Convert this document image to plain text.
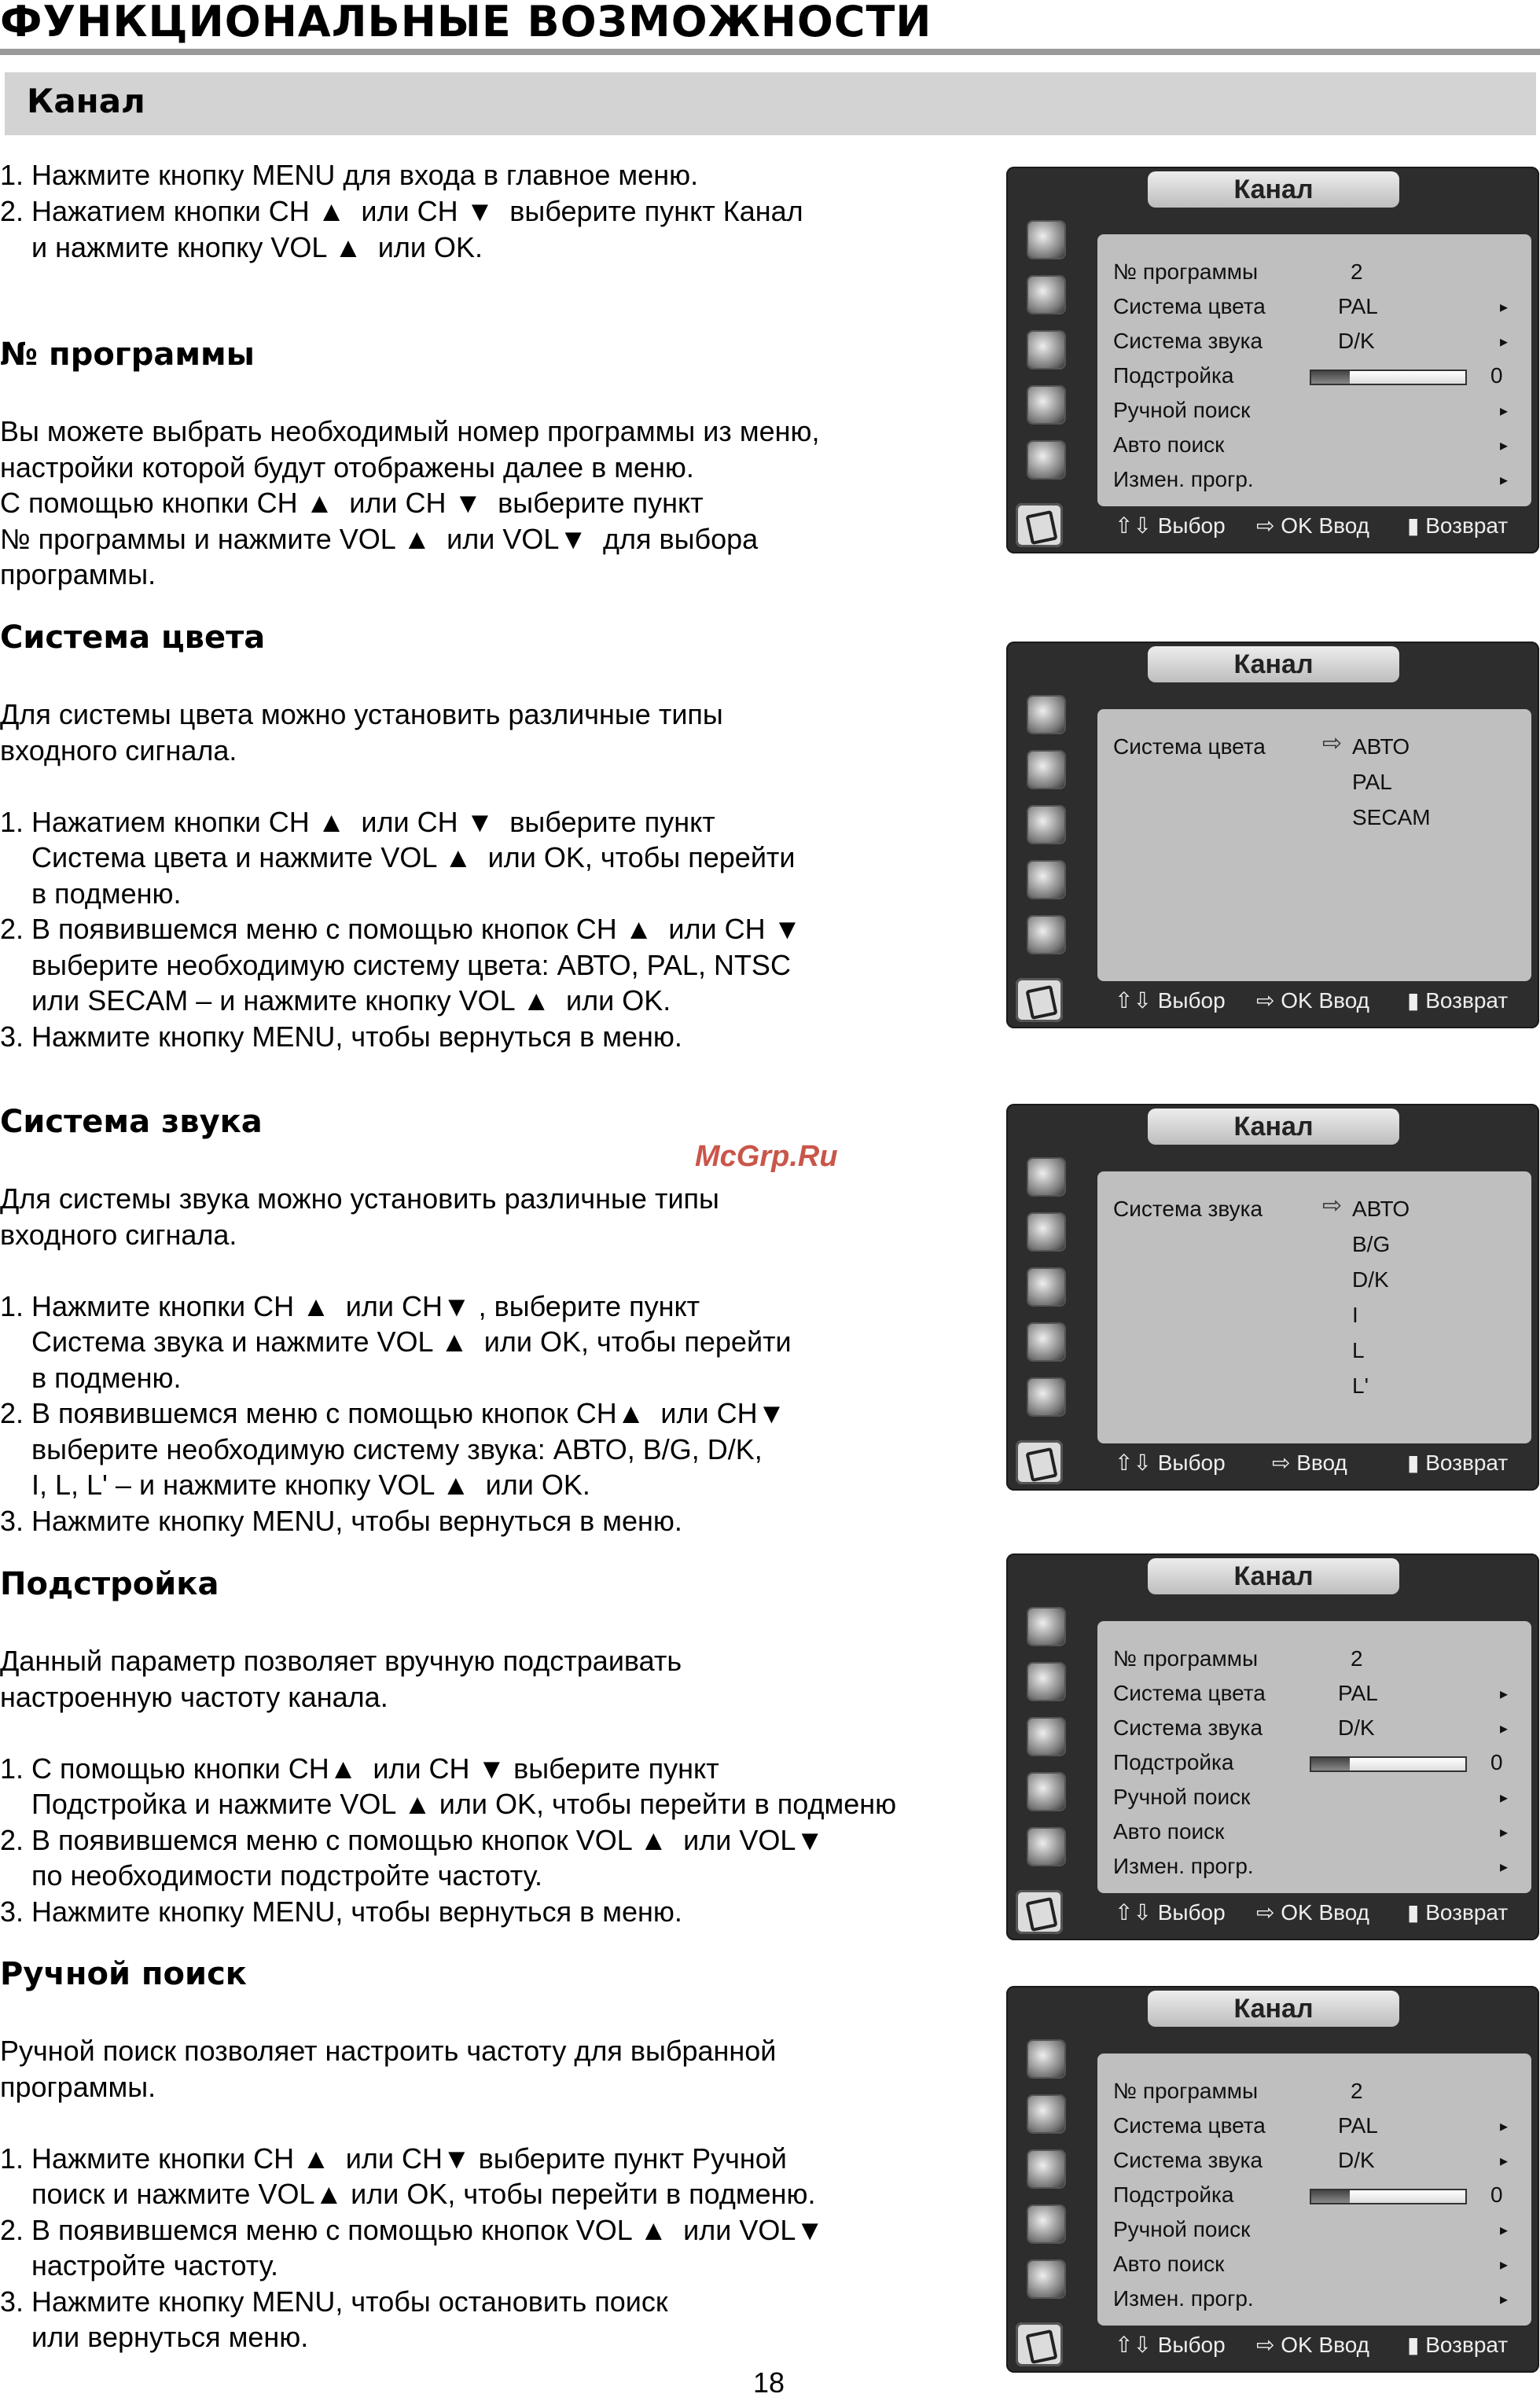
ФУНКЦИОНАЛЬНЫЕ ВОЗМОЖНОСТИ
Канал
1. Нажмите кнопку MENU для входа в главное меню.
2. Нажатием кнопки CH ▲  или CH ▼  выберите пункт Канал
и нажмите кнопку VOL ▲  или OK.
№ программы
Вы можете выбрать необходимый номер программы из меню,
настройки которой будут отображены далее в меню.
С помощью кнопки CH ▲  или CH ▼  выберите пункт
№ программы и нажмите VOL ▲  или VOL▼  для выбора
программы.
Система цвета
Для системы цвета можно установить различные типы
входного сигнала.
1. Нажатием кнопки CH ▲  или CH ▼  выберите пункт
Система цвета и нажмите VOL ▲  или OK, чтобы перейти
в подменю.
2. В появившемся меню с помощью кнопок CH ▲  или CH ▼
выберите необходимую систему цвета: АВТО, PAL, NTSC
или SECAM – и нажмите кнопку VOL ▲  или OK.
3. Нажмите кнопку MENU, чтобы вернуться в меню.
Система звука
Для системы звука можно установить различные типы
входного сигнала.
1. Нажмите кнопки CH ▲  или CH▼ , выберите пункт
Система звука и нажмите VOL ▲  или OK, чтобы перейти
в подменю.
2. В появившемся меню с помощью кнопок CH▲  или CH▼
выберите необходимую систему звука: АВТО, B/G, D/K,
I, L, L' – и нажмите кнопку VOL ▲  или OK.
3. Нажмите кнопку MENU, чтобы вернуться в меню.
Подстройка
Данный параметр позволяет вручную подстраивать
настроенную частоту канала.
1. С помощью кнопки CH▲  или CH ▼ выберите пункт
Подстройка и нажмите VOL ▲ или OK, чтобы перейти в подменю
2. В появившемся меню с помощью кнопок VOL ▲  или VOL▼
по необходимости подстройте частоту.
3. Нажмите кнопку MENU, чтобы вернуться в меню.
Ручной поиск
Ручной поиск позволяет настроить частоту для выбранной
программы.
1. Нажмите кнопки CH ▲  или CH▼ выберите пункт Ручной
поиск и нажмите VOL▲ или OK, чтобы перейти в подменю.
2. В появившемся меню с помощью кнопок VOL ▲  или VOL▼
настройте частоту.
3. Нажмите кнопку MENU, чтобы остановить поиск
или вернуться меню.
McGrp.Ru
18
Канал
№ программы	2
Система цвета	PAL	▸
Система звука	D/K	▸
Подстройка	0
Ручной поиск	▸
Авто поиск	▸
Измен. прогр.	▸
⇧⇩ Выбор ⇨ OK Ввод ▮ Возврат
Канал
Система цвета ⇨ АВТО
PAL
SECAM
⇧⇩ Выбор ⇨ OK Ввод ▮ Возврат
Канал
Система звука	⇨ АВТО
B/G
D/K
I
L
L'
⇧⇩ Выбор ⇨ Ввод	▮ Возврат
Канал
№ программы	2
Система цвета	PAL	▸
Система звука	D/K	▸
Подстройка	0
Ручной поиск	▸
Авто поиск	▸
Измен. прогр.	▸
⇧⇩ Выбор ⇨ OK Ввод ▮ Возврат
Канал
№ программы	2
Система цвета	PAL	▸
Система звука	D/K	▸
Подстройка	0
Ручной поиск	▸
Авто поиск	▸
Измен. прогр.	▸
⇧⇩ Выбор ⇨ OK Ввод ▮ Возврат
